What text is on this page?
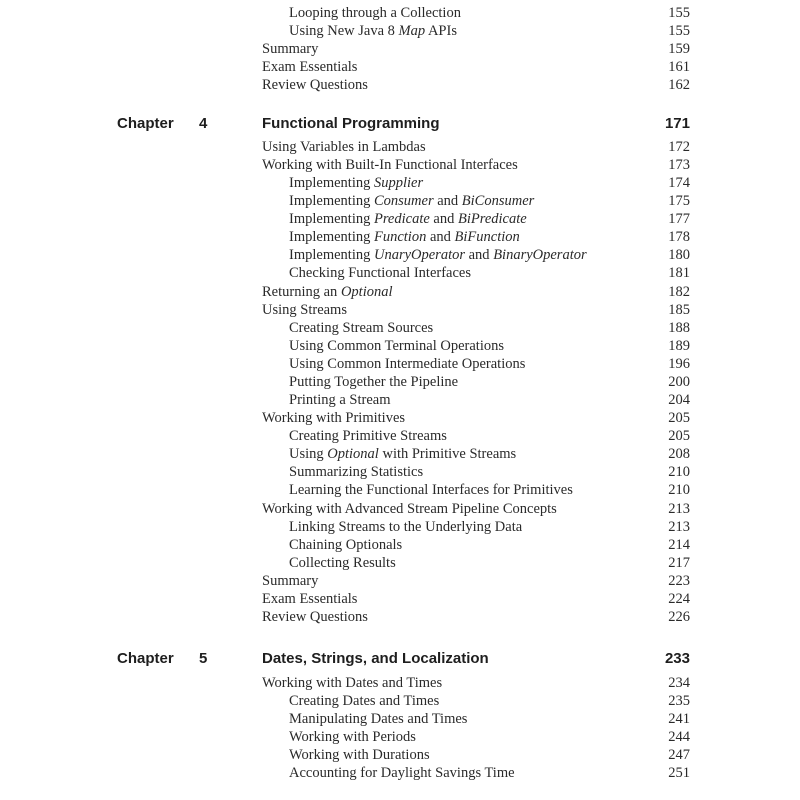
Looping through a Collection	155
Using New Java 8 Map APIs	155
Summary	159
Exam Essentials	161
Review Questions	162
Chapter 4	Functional Programming	171
Using Variables in Lambdas	172
Working with Built-In Functional Interfaces	173
Implementing Supplier	174
Implementing Consumer and BiConsumer	175
Implementing Predicate and BiPredicate	177
Implementing Function and BiFunction	178
Implementing UnaryOperator and BinaryOperator	180
Checking Functional Interfaces	181
Returning an Optional	182
Using Streams	185
Creating Stream Sources	188
Using Common Terminal Operations	189
Using Common Intermediate Operations	196
Putting Together the Pipeline	200
Printing a Stream	204
Working with Primitives	205
Creating Primitive Streams	205
Using Optional with Primitive Streams	208
Summarizing Statistics	210
Learning the Functional Interfaces for Primitives	210
Working with Advanced Stream Pipeline Concepts	213
Linking Streams to the Underlying Data	213
Chaining Optionals	214
Collecting Results	217
Summary	223
Exam Essentials	224
Review Questions	226
Chapter 5	Dates, Strings, and Localization	233
Working with Dates and Times	234
Creating Dates and Times	235
Manipulating Dates and Times	241
Working with Periods	244
Working with Durations	247
Accounting for Daylight Savings Time	251
